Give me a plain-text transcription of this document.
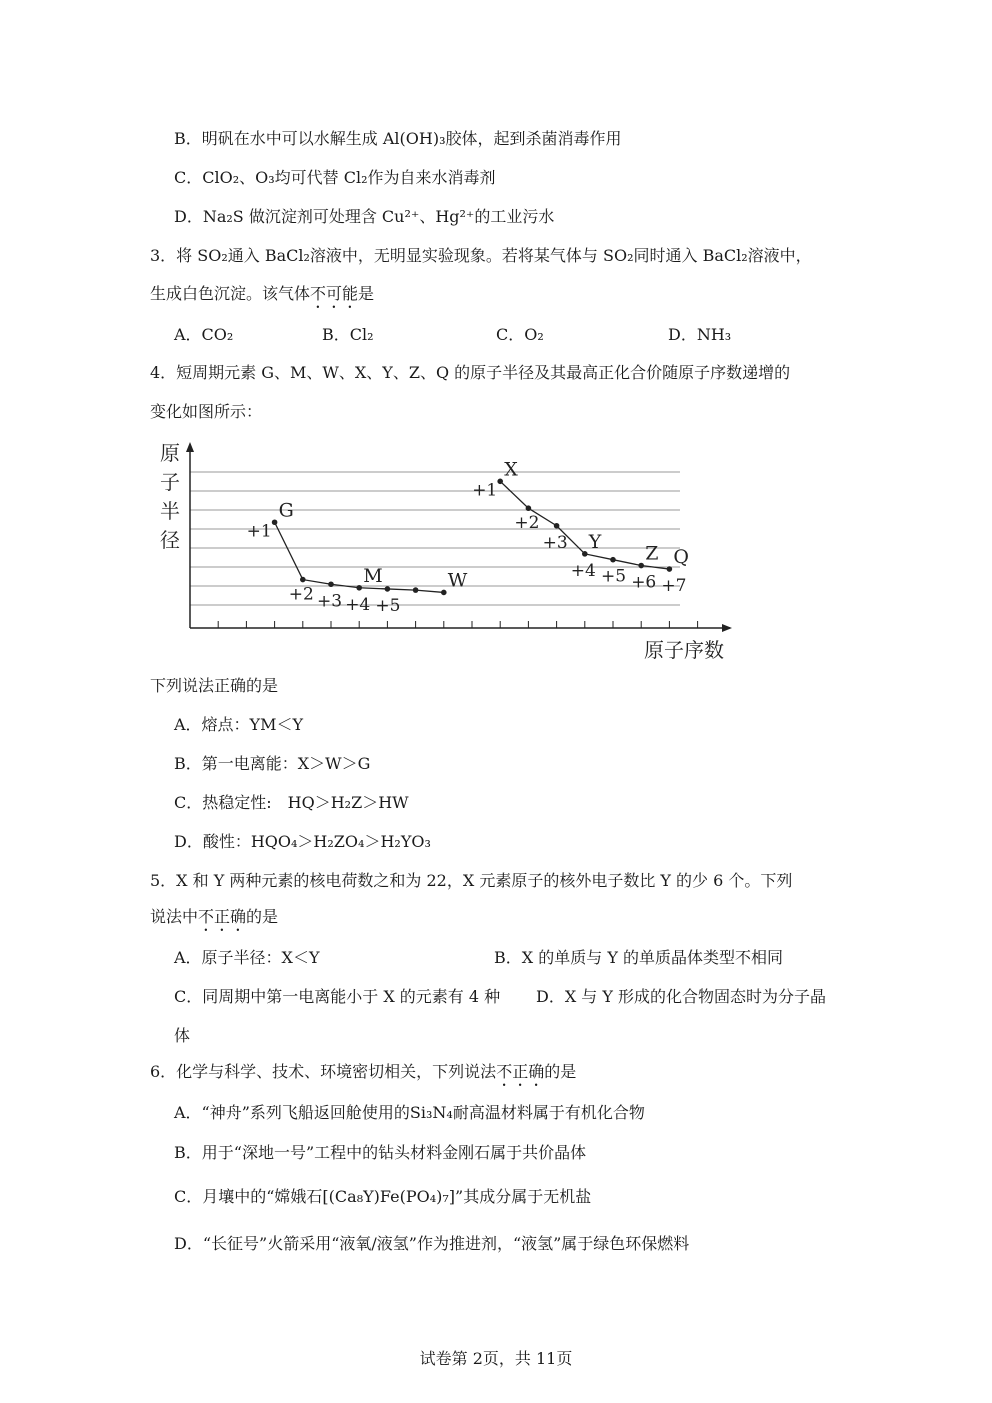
B．明矾在水中可以水解生成 Al(OH)₃胶体，起到杀菌消毒作用
C．ClO₂、O₃均可代替 Cl₂作为自来水消毒剂
D．Na₂S 做沉淀剂可处理含 Cu²⁺、Hg²⁺的工业污水
3．将 SO₂通入 BaCl₂溶液中，无明显实验现象。若将某气体与 SO₂同时通入 BaCl₂溶液中，
生成白色沉淀。该气体不可能是
A．CO₂	B．Cl₂	C．O₂	D．NH₃
4．短周期元素 G、M、W、X、Y、Z、Q 的原子半径及其最高正化合价随原子序数递增的
变化如图所示：
原
子
半
径
原子序数
+1
G
+2 +3 +4
M
+5
W
+1
X
+2
+3
+4
Y
+5 +6
Z
+7
Q
下列说法正确的是
A．熔点：YM＜Y
B．第一电离能：X＞W＞G
C．热稳定性:　HQ＞H₂Z＞HW
D．酸性：HQO₄＞H₂ZO₄＞H₂YO₃
5．X 和 Y 两种元素的核电荷数之和为 22，X 元素原子的核外电子数比 Y 的少 6 个。下列
说法中不正确的是
A．原子半径：X＜Y	B．X 的单质与 Y 的单质晶体类型不相同
C．同周期中第一电离能小于 X 的元素有 4 种 D．X 与 Y 形成的化合物固态时为分子晶
体
6．化学与科学、技术、环境密切相关，下列说法不正确的是
A．“神舟”系列飞船返回舱使用的Si₃N₄耐高温材料属于有机化合物
B．用于“深地一号”工程中的钻头材料金刚石属于共价晶体
C．月壤中的“嫦娥石[(Ca₈Y)Fe(PO₄)₇]”其成分属于无机盐
D．“长征号”火箭采用“液氧/液氢”作为推进剂，“液氢”属于绿色环保燃料
试卷第 2页，共 11页
